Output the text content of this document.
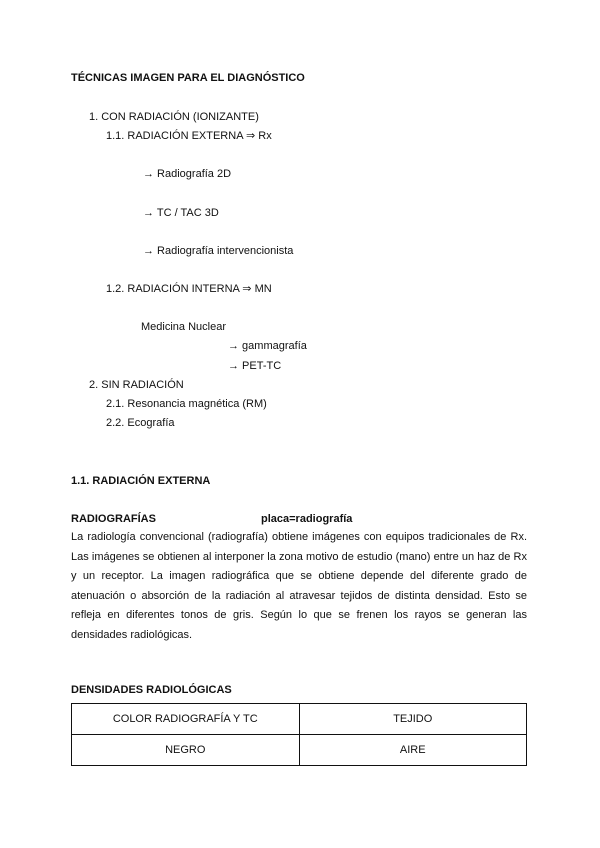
TÉCNICAS IMAGEN PARA EL DIAGNÓSTICO
1. CON RADIACIÓN (IONIZANTE)
1.1. RADIACIÓN EXTERNA ⇒ Rx
→ Radiografía 2D
→ TC / TAC 3D
→ Radiografía intervencionista
1.2. RADIACIÓN INTERNA ⇒ MN
Medicina Nuclear
→ gammagrafía
→ PET-TC
2. SIN RADIACIÓN
2.1. Resonancia magnética (RM)
2.2. Ecografía
1.1. RADIACIÓN EXTERNA
RADIOGRAFÍAS	placa=radiografía

La radiología convencional (radiografía) obtiene imágenes con equipos tradicionales de Rx. Las imágenes se obtienen al interponer la zona motivo de estudio (mano) entre un haz de Rx y un receptor. La imagen radiográfica que se obtiene depende del diferente grado de atenuación o absorción de la radiación al atravesar tejidos de distinta densidad. Esto se refleja en diferentes tonos de gris. Según lo que se frenen los rayos se generan las densidades radiológicas.

DENSIDADES RADIOLÓGICAS
COLOR RADIOGRAFÍA Y TC	TEJIDO
NEGRO	AIRE
